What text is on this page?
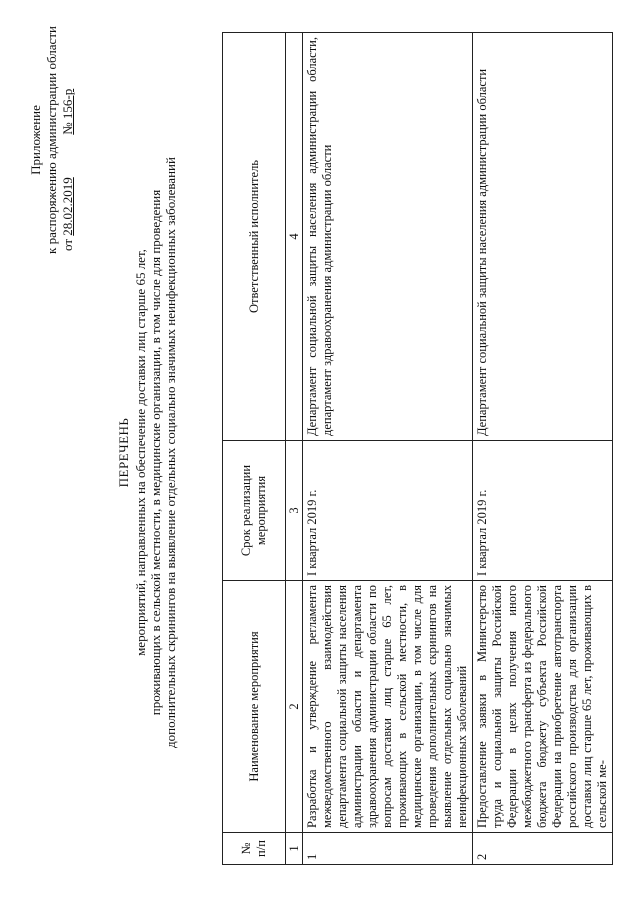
Приложение к распоряжению администрации области от 28.02.2019  № 156-р
ПЕРЕЧЕНЬ мероприятий, направленных на обеспечение доставки лиц старше 65 лет, проживающих в сельской местности, в медицинские организации, в том числе для проведения дополнительных скринингов на выявление отдельных социально значимых неинфекционных заболеваний
№ п/п	Наименование мероприятия	Срок реализации мероприятия	Ответственный исполнитель
1	2	3	4
1	Разработка и утверждение регламента межведомственного взаимодействия департамента социальной защиты населения администрации области и департамента здравоохранения администрации области по вопросам доставки лиц старше 65 лет, проживающих в сельской местности, в медицинские организации, в том числе для проведения дополнительных скринингов на выявление отдельных социально значимых неинфекционных заболеваний	I квартал 2019 г.	Департамент социальной защиты населения администрации области, департамент здравоохранения администрации области
2	Предоставление заявки в Министерство труда и социальной защиты Российской Федерации в целях получения иного межбюджетного трансферта из федерального бюджета бюджету субъекта Российской Федерации на приобретение автотранспорта российского производства для организации доставки лиц старше 65 лет, проживающих в сельской ме-	I квартал 2019 г.	Департамент социальной защиты населения администрации области
